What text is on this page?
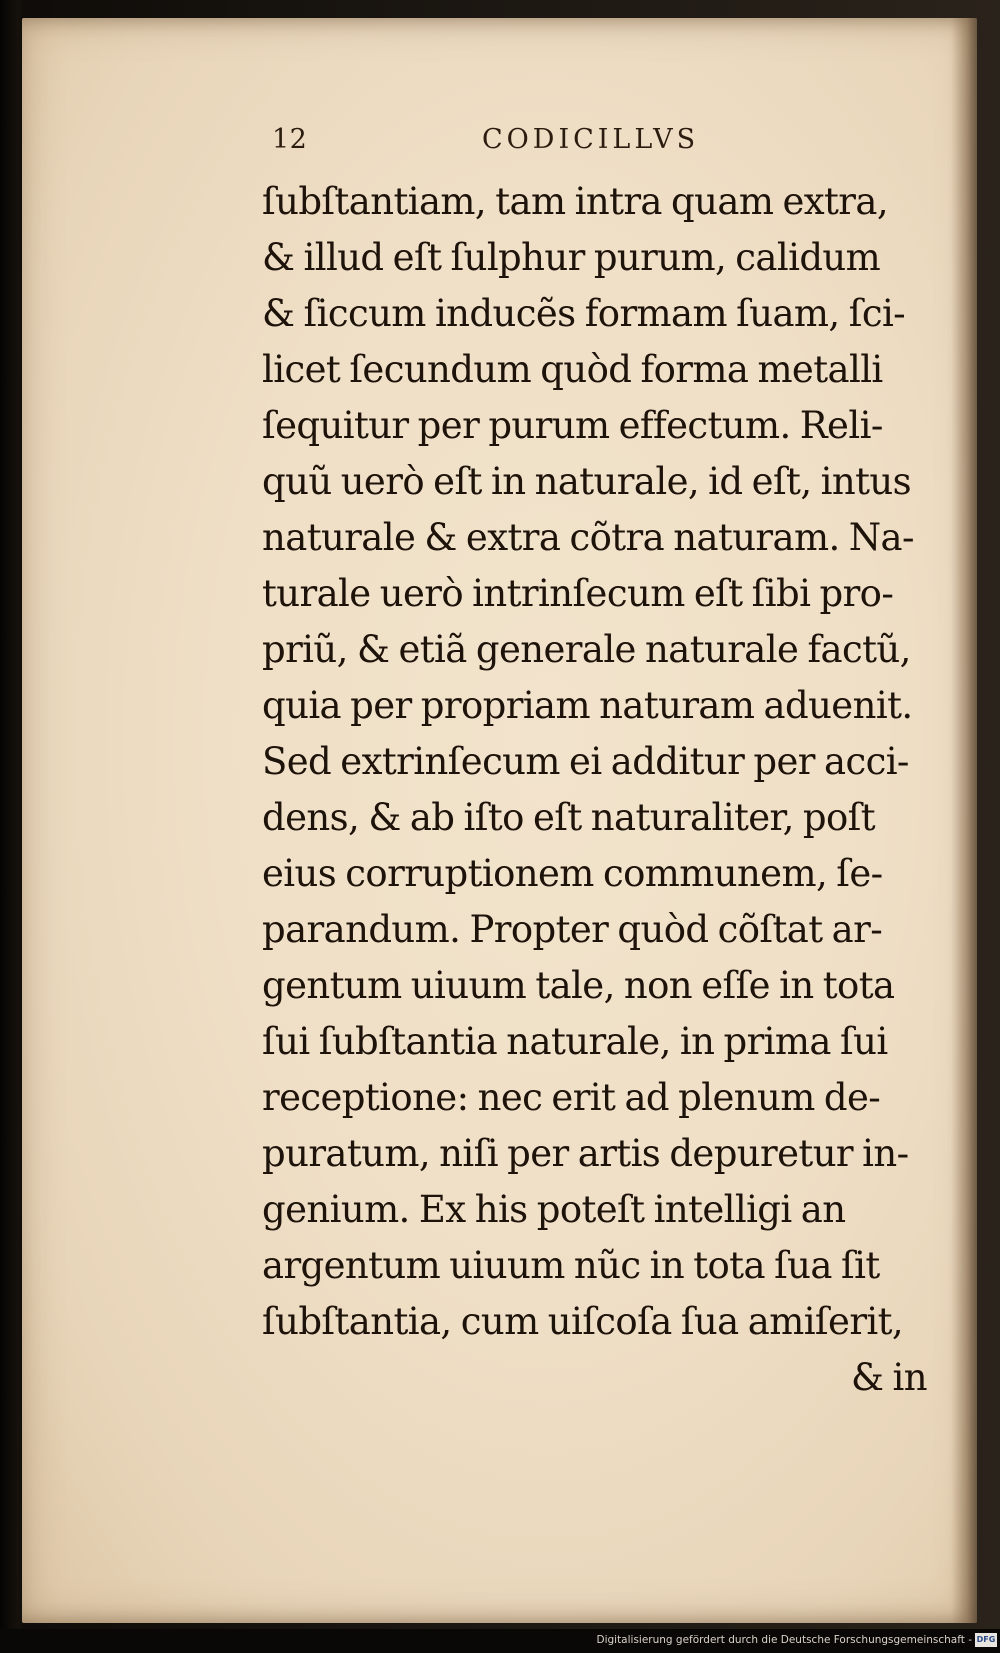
12	CODICILLVS
ſubſtantiam, tam intra quam extra,
& illud eſt ſulphur purum, calidum
& ſiccum inducẽs formam ſuam, ſci‑
licet ſecundum quòd forma metalli
ſequitur per purum effectum. Reli‑
quũ uerò eſt in naturale, id eſt, intus
naturale & extra cõtra naturam. Na‑
turale uerò intrinſecum eſt ſibi pro‑
priũ, & etiã generale naturale factũ,
quia per propriam naturam aduenit.
Sed extrinſecum ei additur per acci‑
dens, & ab iſto eſt naturaliter, poſt
eius corruptionem communem, ſe‑
parandum. Propter quòd cõſtat ar‑
gentum uiuum tale, non eſſe in tota
ſui ſubſtantia naturale, in prima ſui
receptione: nec erit ad plenum de‑
puratum, niſi per artis depuretur in‑
genium. Ex his poteſt intelligi an
argentum uiuum nũc in tota ſua ſit
ſubſtantia, cum uiſcoſa ſua amiſerit,
& in
Digitalisierung gefördert durch die Deutsche Forschungsgemeinschaft - DFG
